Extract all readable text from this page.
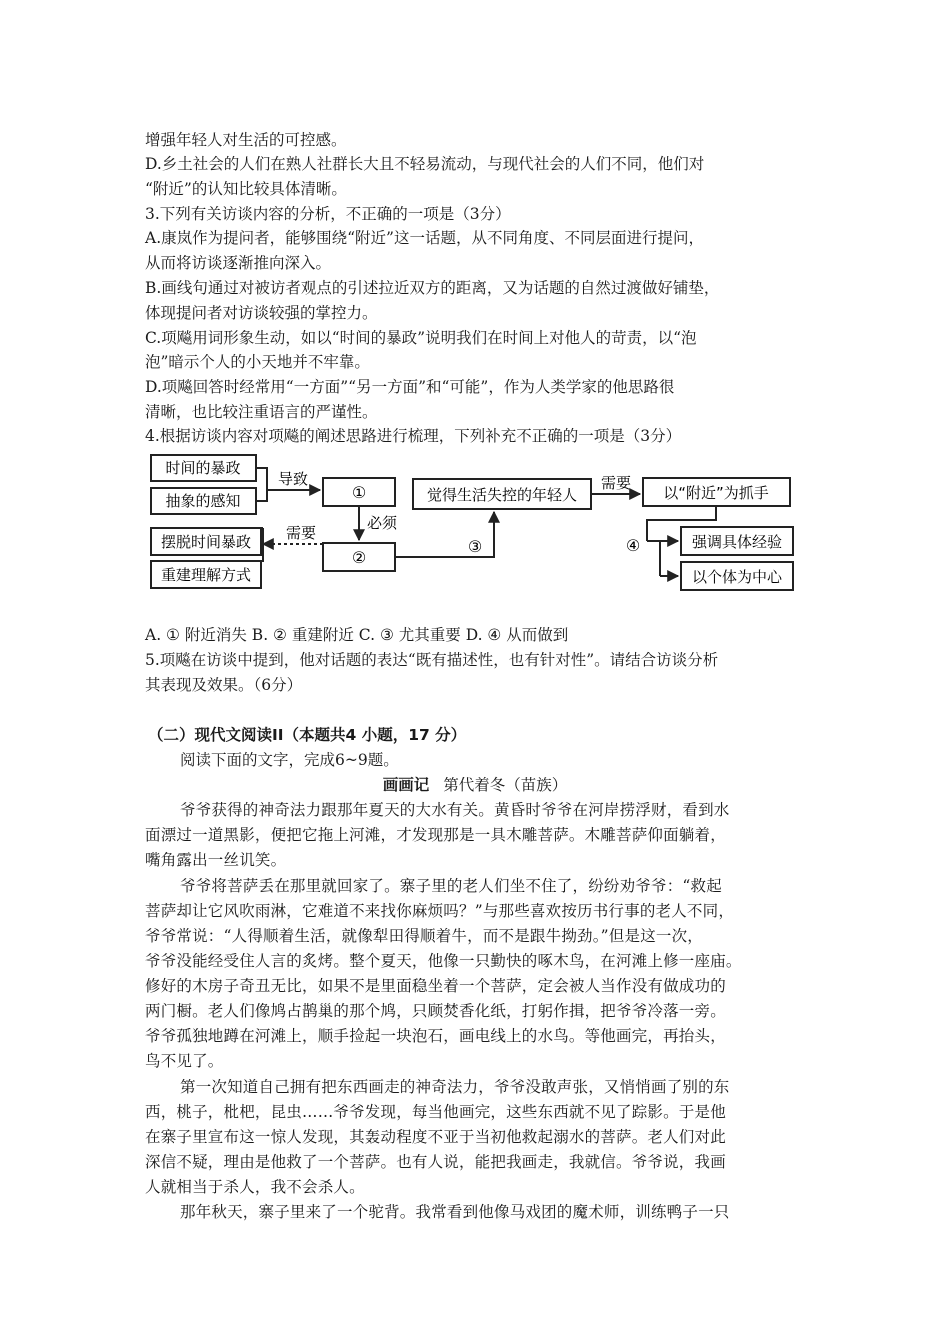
增强年轻人对生活的可控感。
D.乡土社会的人们在熟人社群长大且不轻易流动，与现代社会的人们不同，他们对
“附近”的认知比较具体清晰。
3.下列有关访谈内容的分析，不正确的一项是（3分）
A.康岚作为提问者，能够围绕“附近”这一话题，从不同角度、不同层面进行提问，
从而将访谈逐渐推向深入。
B.画线句通过对被访者观点的引述拉近双方的距离，又为话题的自然过渡做好铺垫，
体现提问者对访谈较强的掌控力。
C.项飚用词形象生动，如以“时间的暴政”说明我们在时间上对他人的苛责，以“泡
泡”暗示个人的小天地并不牢靠。
D.项飚回答时经常用“一方面”“另一方面”和“可能”，作为人类学家的他思路很
清晰，也比较注重语言的严谨性。
4.根据访谈内容对项飚的阐述思路进行梳理，下列补充不正确的一项是（3分）
时间的暴政
抽象的感知
导致
①
必须
②
需要
摆脱时间暴政
重建理解方式
③
觉得生活失控的年轻人
需要
以“附近”为抓手
④	强调具体经验
以个体为中心
A. ① 附近消失 B. ② 重建附近 C. ③ 尤其重要 D. ④ 从而做到
5.项飚在访谈中提到，他对话题的表达“既有描述性，也有针对性”。请结合访谈分析
其表现及效果。（6分）
（二）现代文阅读II（本题共4 小题，17 分）
阅读下面的文字，完成6~9题。
画画记 第代着冬（苗族）
爷爷获得的神奇法力跟那年夏天的大水有关。黄昏时爷爷在河岸捞浮财，看到水
面漂过一道黑影，便把它拖上河滩，才发现那是一具木雕菩萨。木雕菩萨仰面躺着，
嘴角露出一丝讥笑。
爷爷将菩萨丢在那里就回家了。寨子里的老人们坐不住了，纷纷劝爷爷：“救起
菩萨却让它风吹雨淋，它难道不来找你麻烦吗？”与那些喜欢按历书行事的老人不同，
爷爷常说：“人得顺着生活，就像犁田得顺着牛，而不是跟牛拗劲。”但是这一次，
爷爷没能经受住人言的炙烤。整个夏天，他像一只勤快的啄木鸟，在河滩上修一座庙。
修好的木房子奇丑无比，如果不是里面稳坐着一个菩萨，定会被人当作没有做成功的
两门橱。老人们像鸠占鹊巢的那个鸠，只顾焚香化纸，打躬作揖，把爷爷冷落一旁。
爷爷孤独地蹲在河滩上，顺手捡起一块泡石，画电线上的水鸟。等他画完，再抬头，
鸟不见了。
第一次知道自己拥有把东西画走的神奇法力，爷爷没敢声张，又悄悄画了别的东
西，桃子，枇杷，昆虫……爷爷发现，每当他画完，这些东西就不见了踪影。于是他
在寨子里宣布这一惊人发现，其轰动程度不亚于当初他救起溺水的菩萨。老人们对此
深信不疑，理由是他救了一个菩萨。也有人说，能把我画走，我就信。爷爷说，我画
人就相当于杀人，我不会杀人。
那年秋天，寨子里来了一个驼背。我常看到他像马戏团的魔术师，训练鸭子一只
